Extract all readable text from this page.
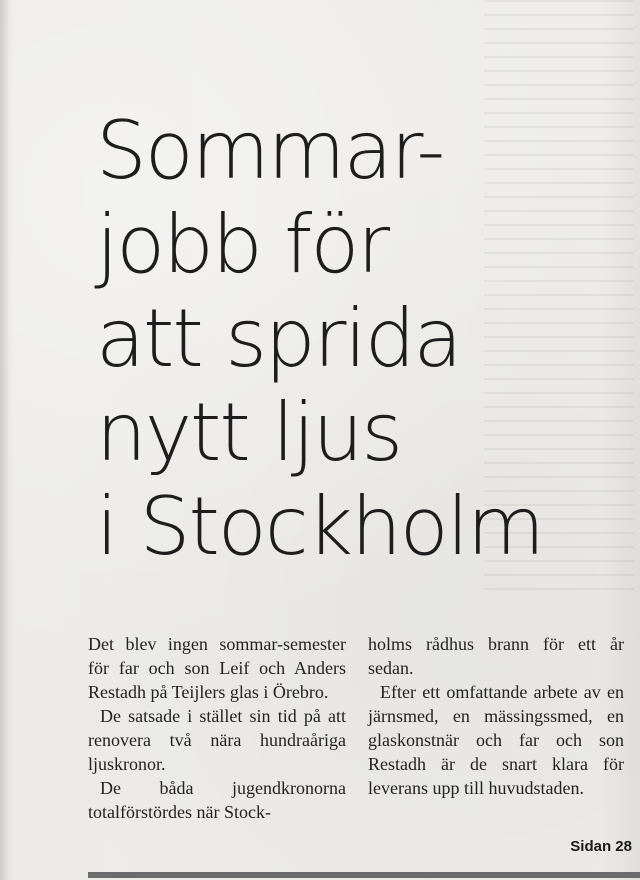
Sommar-
jobb för
att sprida
nytt ljus
i Stockholm

Det blev ingen sommar-semester för far och son Leif och Anders Restadh på Teijlers glas i Örebro.

De satsade i stället sin tid på att renovera två nära hundraåriga ljuskronor.

De båda jugendkronorna totalförstördes när Stock-

holms rådhus brann för ett år sedan.

Efter ett omfattande arbete av en järnsmed, en mässingssmed, en glaskonstnär och far och son Restadh är de snart klara för leverans upp till huvudstaden.

Sidan 28
